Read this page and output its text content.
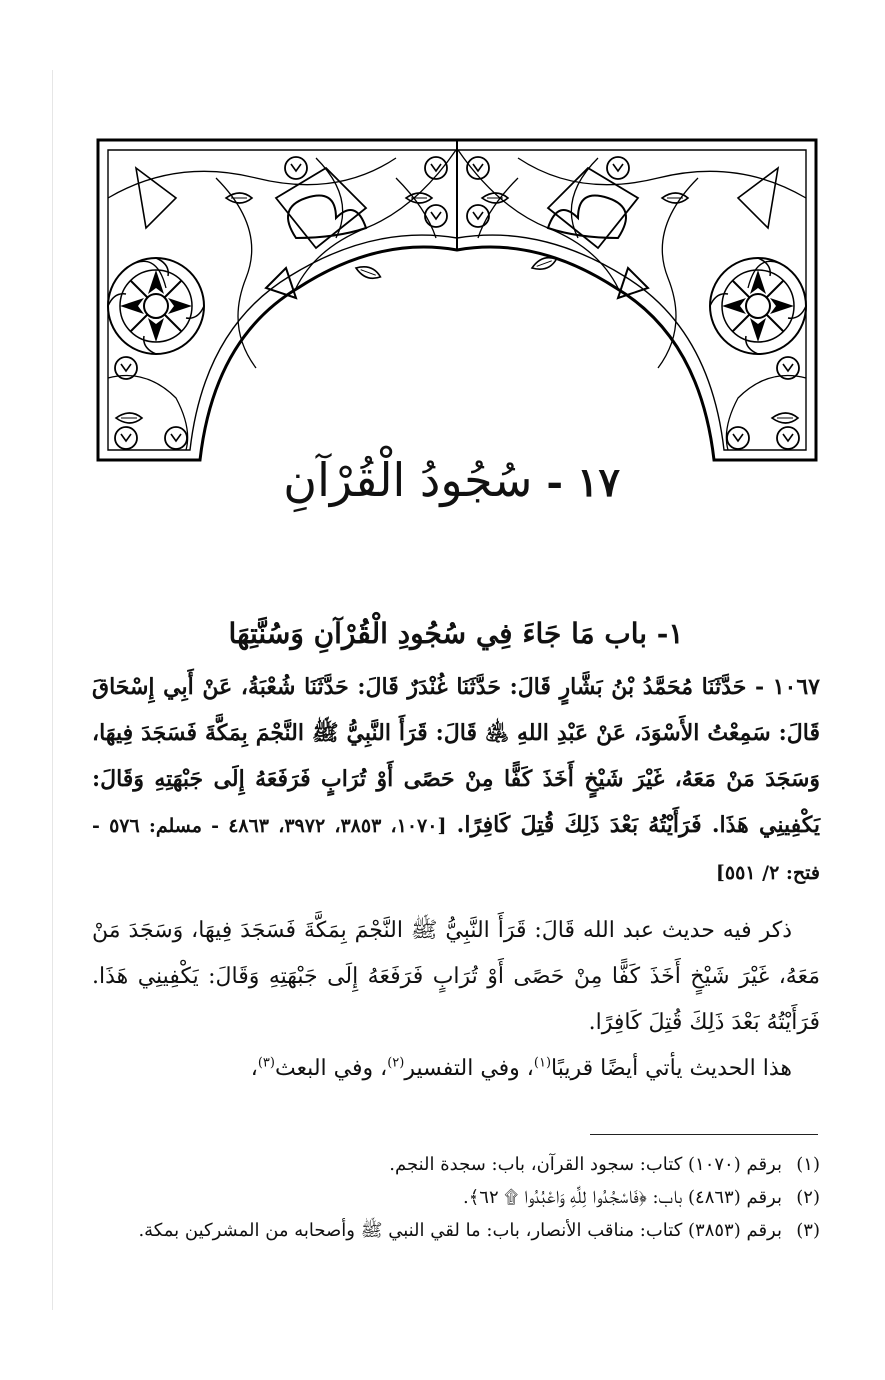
١٧-سُجُودُ الْقُرْآنِ
١- باب مَا جَاءَ فِي سُجُودِ الْقُرْآنِ وَسُنَّتِهَا

١٠٦٧ - حَدَّثَنَا مُحَمَّدُ بْنُ بَشَّارٍ قَالَ: حَدَّثَنَا غُنْدَرٌ قَالَ: حَدَّثَنَا شُعْبَةُ، عَنْ أَبِي إِسْحَاقَ قَالَ: سَمِعْتُ الأَسْوَدَ، عَنْ عَبْدِ اللهِ ﵁ قَالَ: قَرَأَ النَّبِيُّ ﷺ النَّجْمَ بِمَكَّةَ فَسَجَدَ فِيهَا، وَسَجَدَ مَنْ مَعَهُ، غَيْرَ شَيْخٍ أَخَذَ كَفًّا مِنْ حَصًى أَوْ تُرَابٍ فَرَفَعَهُ إِلَى جَبْهَتِهِ وَقَالَ: يَكْفِينِي هَذَا. فَرَأَيْتُهُ بَعْدَ ذَلِكَ قُتِلَ كَافِرًا. [١٠٧٠، ٣٨٥٣، ٣٩٧٢، ٤٨٦٣ - مسلم: ٥٧٦ - فتح: ٢/ ٥٥١]

ذكر فيه حديث عبد الله قَالَ: قَرَأَ النَّبِيُّ ﷺ النَّجْمَ بِمَكَّةَ فَسَجَدَ فِيهَا، وَسَجَدَ مَنْ مَعَهُ، غَيْرَ شَيْخٍ أَخَذَ كَفًّا مِنْ حَصًى أَوْ تُرَابٍ فَرَفَعَهُ إِلَى جَبْهَتِهِ وَقَالَ: يَكْفِينِي هَذَا. فَرَأَيْتُهُ بَعْدَ ذَلِكَ قُتِلَ كَافِرًا.

هذا الحديث يأتي أيضًا قريبًا$^{(١)}$، وفي التفسير$^{(٢)}$، وفي البعث$^{(٣)}$،

(١)
برقم (١٠٧٠) كتاب: سجود القرآن، باب: سجدة النجم.

(٢)
برقم (٤٨٦٣) باب: ﴿فَاسْجُدُوا لِلَّهِ وَاعْبُدُوا ۩ ٦٢﴾.

(٣)
برقم (٣٨٥٣) كتاب: مناقب الأنصار، باب: ما لقي النبي ﷺ وأصحابه من المشركين بمكة.
